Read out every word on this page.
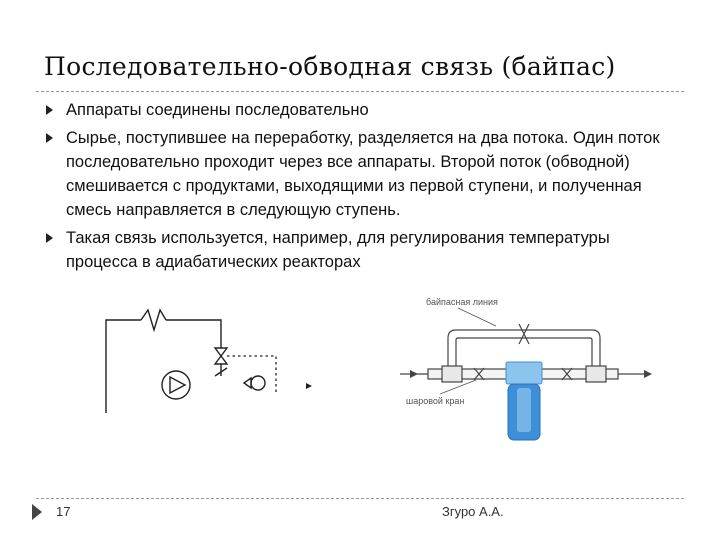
Последовательно-обводная связь (байпас)
Аппараты соединены последовательно
Сырье, поступившее на переработку, разделяется на два потока. Один поток последовательно проходит через все аппараты. Второй поток (обводной) смешивается с продуктами, выходящими из первой ступени, и полученная смесь направляется в следующую ступень.
Такая связь используется, например, для регулирования температуры процесса в адиабатических реакторах
байпасная линия
шаровой кран
17	Згуро А.А.
